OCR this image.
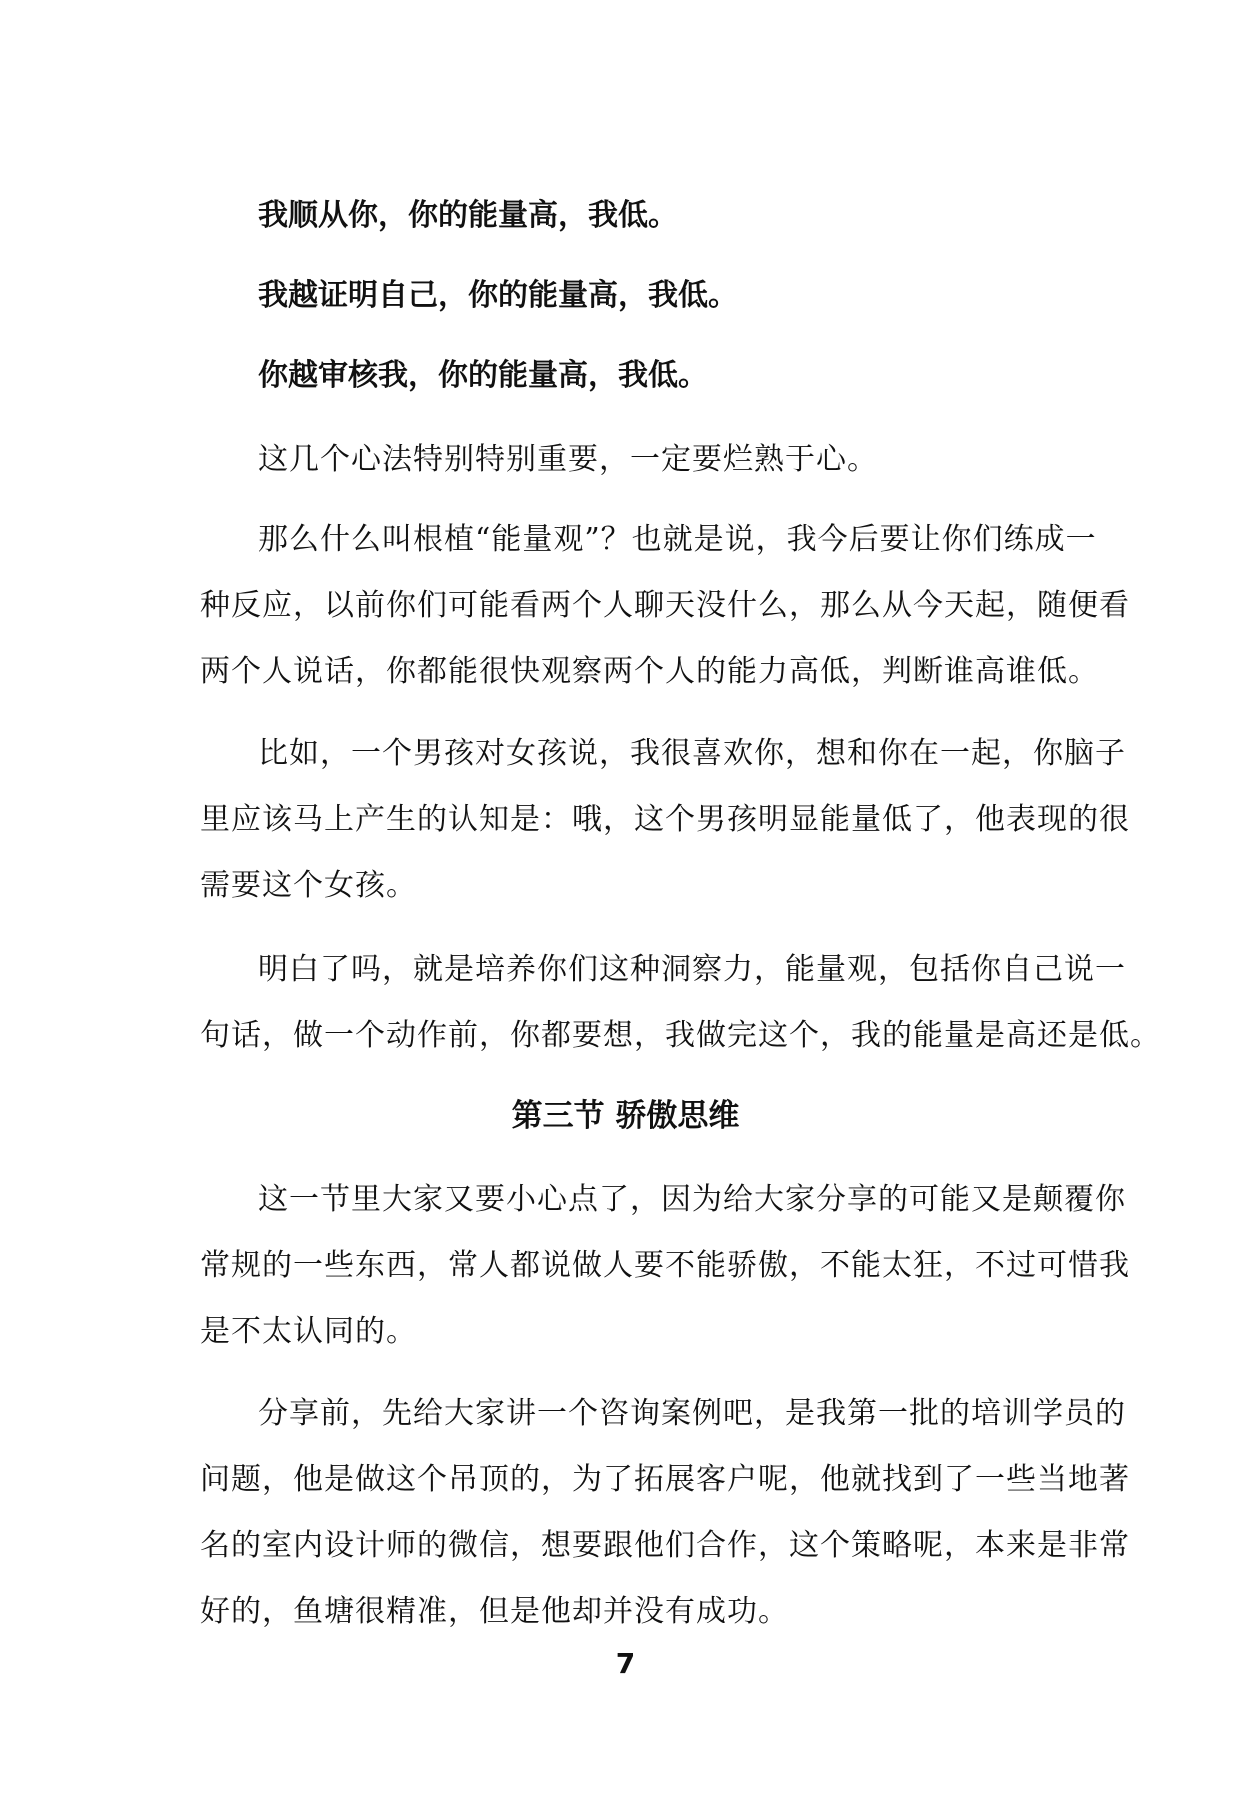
我顺从你，你的能量高，我低。
我越证明自己，你的能量高，我低。
你越审核我，你的能量高，我低。
这几个心法特别特别重要，一定要烂熟于心。
那么什么叫根植“能量观”？也就是说，我今后要让你们练成一
种反应，以前你们可能看两个人聊天没什么，那么从今天起，随便看
两个人说话，你都能很快观察两个人的能力高低，判断谁高谁低。
比如，一个男孩对女孩说，我很喜欢你，想和你在一起，你脑子
里应该马上产生的认知是：哦，这个男孩明显能量低了，他表现的很
需要这个女孩。
明白了吗，就是培养你们这种洞察力，能量观，包括你自己说一
句话，做一个动作前，你都要想，我做完这个，我的能量是高还是低。
第三节 骄傲思维
这一节里大家又要小心点了，因为给大家分享的可能又是颠覆你
常规的一些东西，常人都说做人要不能骄傲，不能太狂，不过可惜我
是不太认同的。
分享前，先给大家讲一个咨询案例吧，是我第一批的培训学员的
问题，他是做这个吊顶的，为了拓展客户呢，他就找到了一些当地著
名的室内设计师的微信，想要跟他们合作，这个策略呢，本来是非常
好的，鱼塘很精准，但是他却并没有成功。
7
